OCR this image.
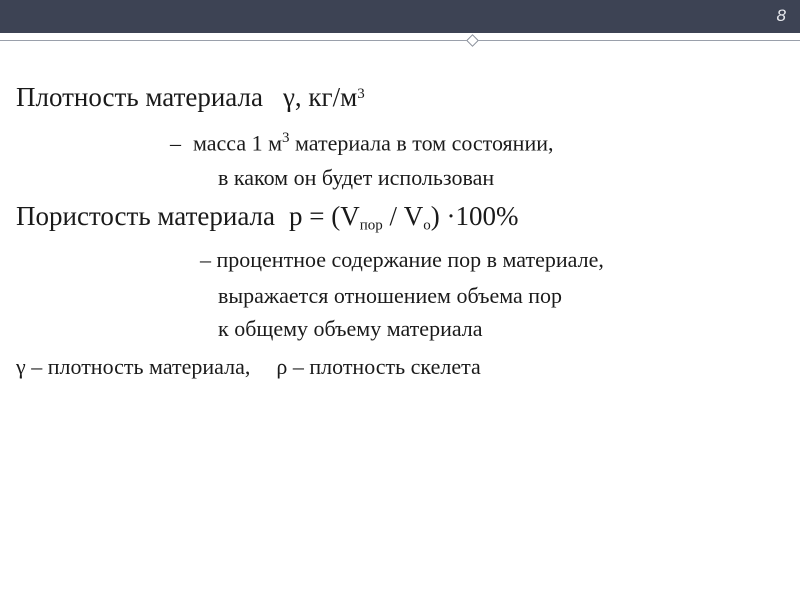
8
Плотность материала γ, $кг/м^3$
– масса 1 $м^3$ материала в том состоянии,
в каком он будет использован
Пористость материала $p = (V_{пор} / V_o) \cdot 100\%$
– процентное содержание пор в материале,
выражается отношением объема пор
к общему объему материала
γ – плотность материала, ρ – плотность скелета
